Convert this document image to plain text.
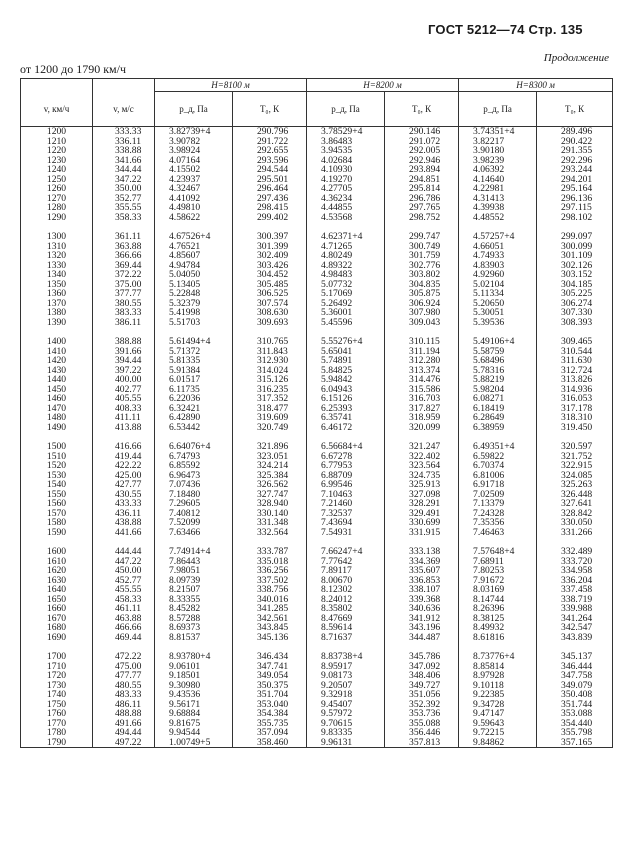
ГОСТ 5212—74 Стр. 135
Продолжение
от 1200 до 1790 км/ч
		H=8100 м		H=8200 м		H=8300 м	
v, км/ч	v, м/с	p_д, Па	T₀, К	p_д, Па	T₀, К	p_д, Па	T₀, К
1200	333.33	3.82739+4	290.796	3.78529+4	290.146	3.74351+4	289.496
1210	336.11	3.90782	291.722	3.86483	291.072	3.82217	290.422
1220	338.88	3.98924	292.655	3.94535	292.005	3.90180	291.355
1230	341.66	4.07164	293.596	4.02684	292.946	3.98239	292.296
1240	344.44	4.15502	294.544	4.10930	293.894	4.06392	293.244
1250	347.22	4.23937	295.501	4.19270	294.851	4.14640	294.201
1260	350.00	4.32467	296.464	4.27705	295.814	4.22981	295.164
1270	352.77	4.41092	297.436	4.36234	296.786	4.31413	296.136
1280	355.55	4.49810	298.415	4.44855	297.765	4.39938	297.115
1290	358.33	4.58622	299.402	4.53568	298.752	4.48552	298.102

1300	361.11	4.67526+4	300.397	4.62371+4	299.747	4.57257+4	299.097
1310	363.88	4.76521	301.399	4.71265	300.749	4.66051	300.099
1320	366.66	4.85607	302.409	4.80249	301.759	4.74933	301.109
1330	369.44	4.94784	303.426	4.89322	302.776	4.83903	302.126
1340	372.22	5.04050	304.452	4.98483	303.802	4.92960	303.152
1350	375.00	5.13405	305.485	5.07732	304.835	5.02104	304.185
1360	377.77	5.22848	306.525	5.17069	305.875	5.11334	305.225
1370	380.55	5.32379	307.574	5.26492	306.924	5.20650	306.274
1380	383.33	5.41998	308.630	5.36001	307.980	5.30051	307.330
1390	386.11	5.51703	309.693	5.45596	309.043	5.39536	308.393

1400	388.88	5.61494+4	310.765	5.55276+4	310.115	5.49106+4	309.465
1410	391.66	5.71372	311.843	5.65041	311.194	5.58759	310.544
1420	394.44	5.81335	312.930	5.74891	312.280	5.68496	311.630
1430	397.22	5.91384	314.024	5.84825	313.374	5.78316	312.724
1440	400.00	6.01517	315.126	5.94842	314.476	5.88219	313.826
1450	402.77	6.11735	316.235	6.04943	315.586	5.98204	314.936
1460	405.55	6.22036	317.352	6.15126	316.703	6.08271	316.053
1470	408.33	6.32421	318.477	6.25393	317.827	6.18419	317.178
1480	411.11	6.42890	319.609	6.35741	318.959	6.28649	318.310
1490	413.88	6.53442	320.749	6.46172	320.099	6.38959	319.450

1500	416.66	6.64076+4	321.896	6.56684+4	321.247	6.49351+4	320.597
1510	419.44	6.74793	323.051	6.67278	322.402	6.59822	321.752
1520	422.22	6.85592	324.214	6.77953	323.564	6.70374	322.915
1530	425.00	6.96473	325.384	6.88709	324.735	6.81006	324.085
1540	427.77	7.07436	326.562	6.99546	325.913	6.91718	325.263
1550	430.55	7.18480	327.747	7.10463	327.098	7.02509	326.448
1560	433.33	7.29605	328.940	7.21460	328.291	7.13379	327.641
1570	436.11	7.40812	330.140	7.32537	329.491	7.24328	328.842
1580	438.88	7.52099	331.348	7.43694	330.699	7.35356	330.050
1590	441.66	7.63466	332.564	7.54931	331.915	7.46463	331.266

1600	444.44	7.74914+4	333.787	7.66247+4	333.138	7.57648+4	332.489
1610	447.22	7.86443	335.018	7.77642	334.369	7.68911	333.720
1620	450.00	7.98051	336.256	7.89117	335.607	7.80253	334.958
1630	452.77	8.09739	337.502	8.00670	336.853	7.91672	336.204
1640	455.55	8.21507	338.756	8.12302	338.107	8.03169	337.458
1650	458.33	8.33355	340.016	8.24012	339.368	8.14744	338.719
1660	461.11	8.45282	341.285	8.35802	340.636	8.26396	339.988
1670	463.88	8.57288	342.561	8.47669	341.912	8.38125	341.264
1680	466.66	8.69373	343.845	8.59614	343.196	8.49932	342.547
1690	469.44	8.81537	345.136	8.71637	344.487	8.61816	343.839

1700	472.22	8.93780+4	346.434	8.83738+4	345.786	8.73776+4	345.137
1710	475.00	9.06101	347.741	8.95917	347.092	8.85814	346.444
1720	477.77	9.18501	349.054	9.08173	348.406	8.97928	347.758
1730	480.55	9.30980	350.375	9.20507	349.727	9.10118	349.079
1740	483.33	9.43536	351.704	9.32918	351.056	9.22385	350.408
1750	486.11	9.56171	353.040	9.45407	352.392	9.34728	351.744
1760	488.88	9.68884	354.384	9.57972	353.736	9.47147	353.088
1770	491.66	9.81675	355.735	9.70615	355.088	9.59643	354.440
1780	494.44	9.94544	357.094	9.83335	356.446	9.72215	355.798
1790	497.22	1.00749+5	358.460	9.96131	357.813	9.84862	357.165
